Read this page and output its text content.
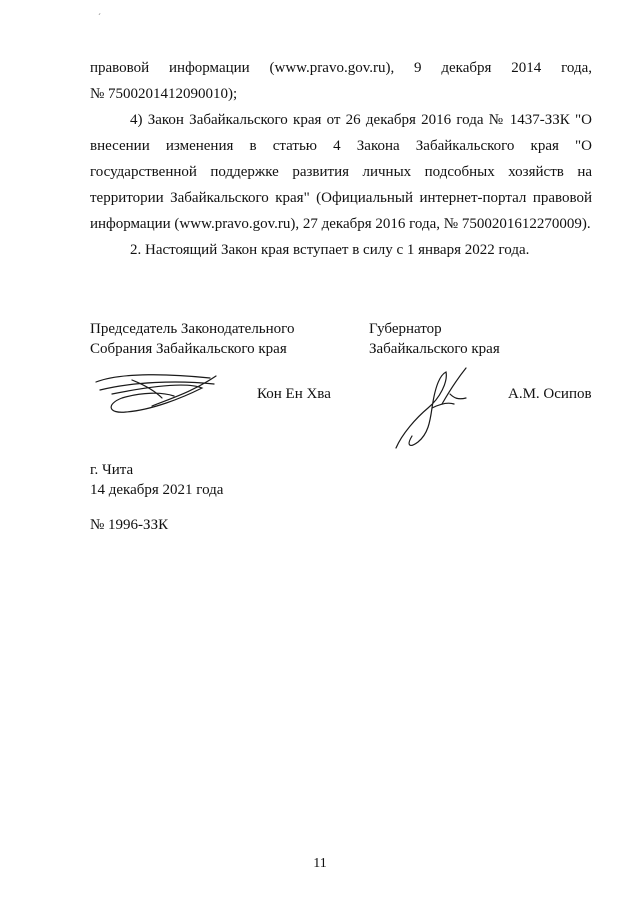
´

правовой информации (www.pravo.gov.ru), 9 декабря 2014 года,

№ 7500201412090010);

4) Закон Забайкальского края от 26 декабря 2016 года № 1437-ЗЗК "О внесении изменения в статью 4 Закона Забайкальского края "О государственной поддержке развития личных подсобных хозяйств на территории Забайкальского края" (Официальный интернет-портал правовой информации (www.pravo.gov.ru), 27 декабря 2016 года, № 7500201612270009).

2. Настоящий Закон края вступает в силу с 1 января 2022 года.

Председатель Законодательного
Собрания Забайкальского края
Кон Ен Хва
Губернатор
Забайкальского края
А.М. Осипов
г. Чита
14 декабря 2021 года
№ 1996-ЗЗК
11
